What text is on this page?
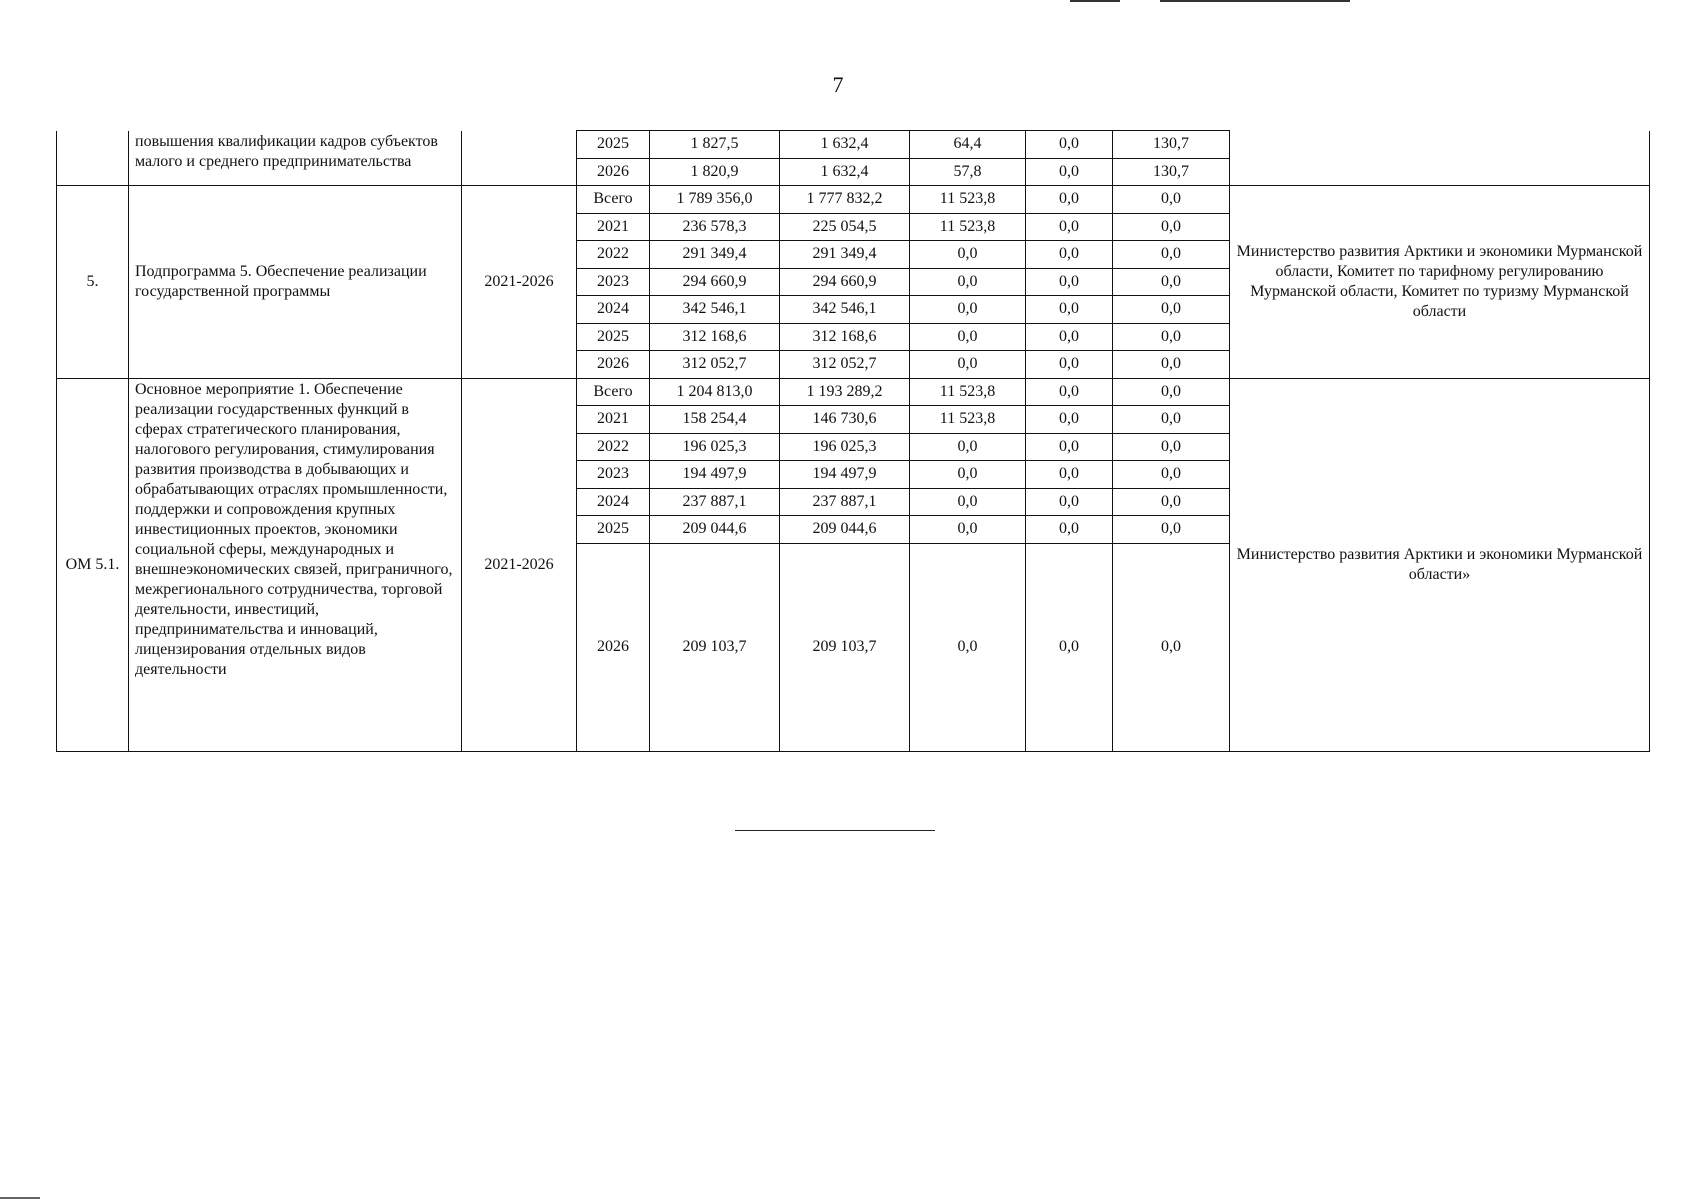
7
	повышения квалификации кадров субъектов малого и среднего предпринимательства		2025	1 827,5	1 632,4	64,4	0,0	130,7	
			2026	1 820,9	1 632,4	57,8	0,0	130,7	
5.	Подпрограмма 5. Обеспечение реализации государственной программы	2021-2026	Всего	1 789 356,0	1 777 832,2	11 523,8	0,0	0,0	Министерство развития Арктики и экономики Мурманской области, Комитет по тарифному регулированию Мурманской области, Комитет по туризму Мурманской области
			2021	236 578,3	225 054,5	11 523,8	0,0	0,0	
			2022	291 349,4	291 349,4	0,0	0,0	0,0	
			2023	294 660,9	294 660,9	0,0	0,0	0,0	
			2024	342 546,1	342 546,1	0,0	0,0	0,0	
			2025	312 168,6	312 168,6	0,0	0,0	0,0	
			2026	312 052,7	312 052,7	0,0	0,0	0,0	
ОМ 5.1.	Основное мероприятие 1. Обеспечение реализации государственных функций в сферах стратегического планирования, налогового регулирования, стимулирования развития производства в добывающих и обрабатывающих отраслях промышленности, поддержки и сопровождения крупных инвестиционных проектов, экономики социальной сферы, международных и внешнеэкономических связей, приграничного, межрегионального сотрудничества, торговой деятельности, инвестиций, предпринимательства и инноваций, лицензирования отдельных видов деятельности	2021-2026	Всего	1 204 813,0	1 193 289,2	11 523,8	0,0	0,0	Министерство развития Арктики и экономики Мурманской области»
			2021	158 254,4	146 730,6	11 523,8	0,0	0,0	
			2022	196 025,3	196 025,3	0,0	0,0	0,0	
			2023	194 497,9	194 497,9	0,0	0,0	0,0	
			2024	237 887,1	237 887,1	0,0	0,0	0,0	
			2025	209 044,6	209 044,6	0,0	0,0	0,0	
			2026	209 103,7	209 103,7	0,0	0,0	0,0	
